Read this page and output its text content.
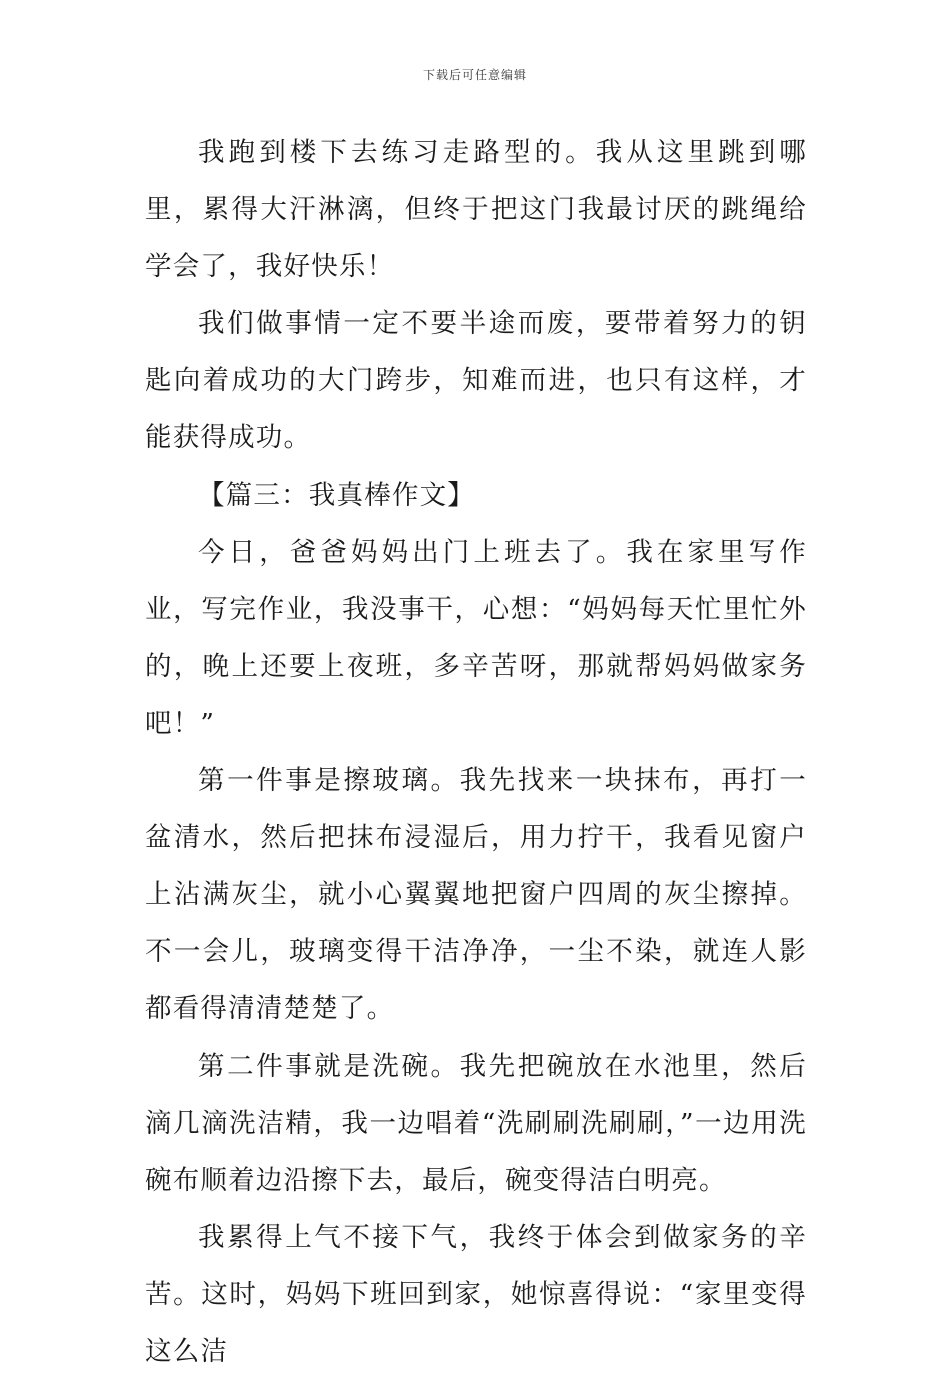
下载后可任意编辑

我跑到楼下去练习走路型的。我从这里跳到哪里，累得大汗淋漓，但终于把这门我最讨厌的跳绳给学会了，我好快乐！

我们做事情一定不要半途而废，要带着努力的钥匙向着成功的大门跨步，知难而进，也只有这样，才能获得成功。

【篇三：我真棒作文】

今日，爸爸妈妈出门上班去了。我在家里写作业，写完作业，我没事干，心想：“妈妈每天忙里忙外的，晚上还要上夜班，多辛苦呀，那就帮妈妈做家务吧！”

第一件事是擦玻璃。我先找来一块抹布，再打一盆清水，然后把抹布浸湿后，用力拧干，我看见窗户上沾满灰尘，就小心翼翼地把窗户四周的灰尘擦掉。不一会儿，玻璃变得干洁净净，一尘不染，就连人影都看得清清楚楚了。

第二件事就是洗碗。我先把碗放在水池里，然后滴几滴洗洁精，我一边唱着“洗刷刷洗刷刷，”一边用洗碗布顺着边沿擦下去，最后，碗变得洁白明亮。

我累得上气不接下气，我终于体会到做家务的辛苦。这时，妈妈下班回到家，她惊喜得说：“家里变得这么洁
